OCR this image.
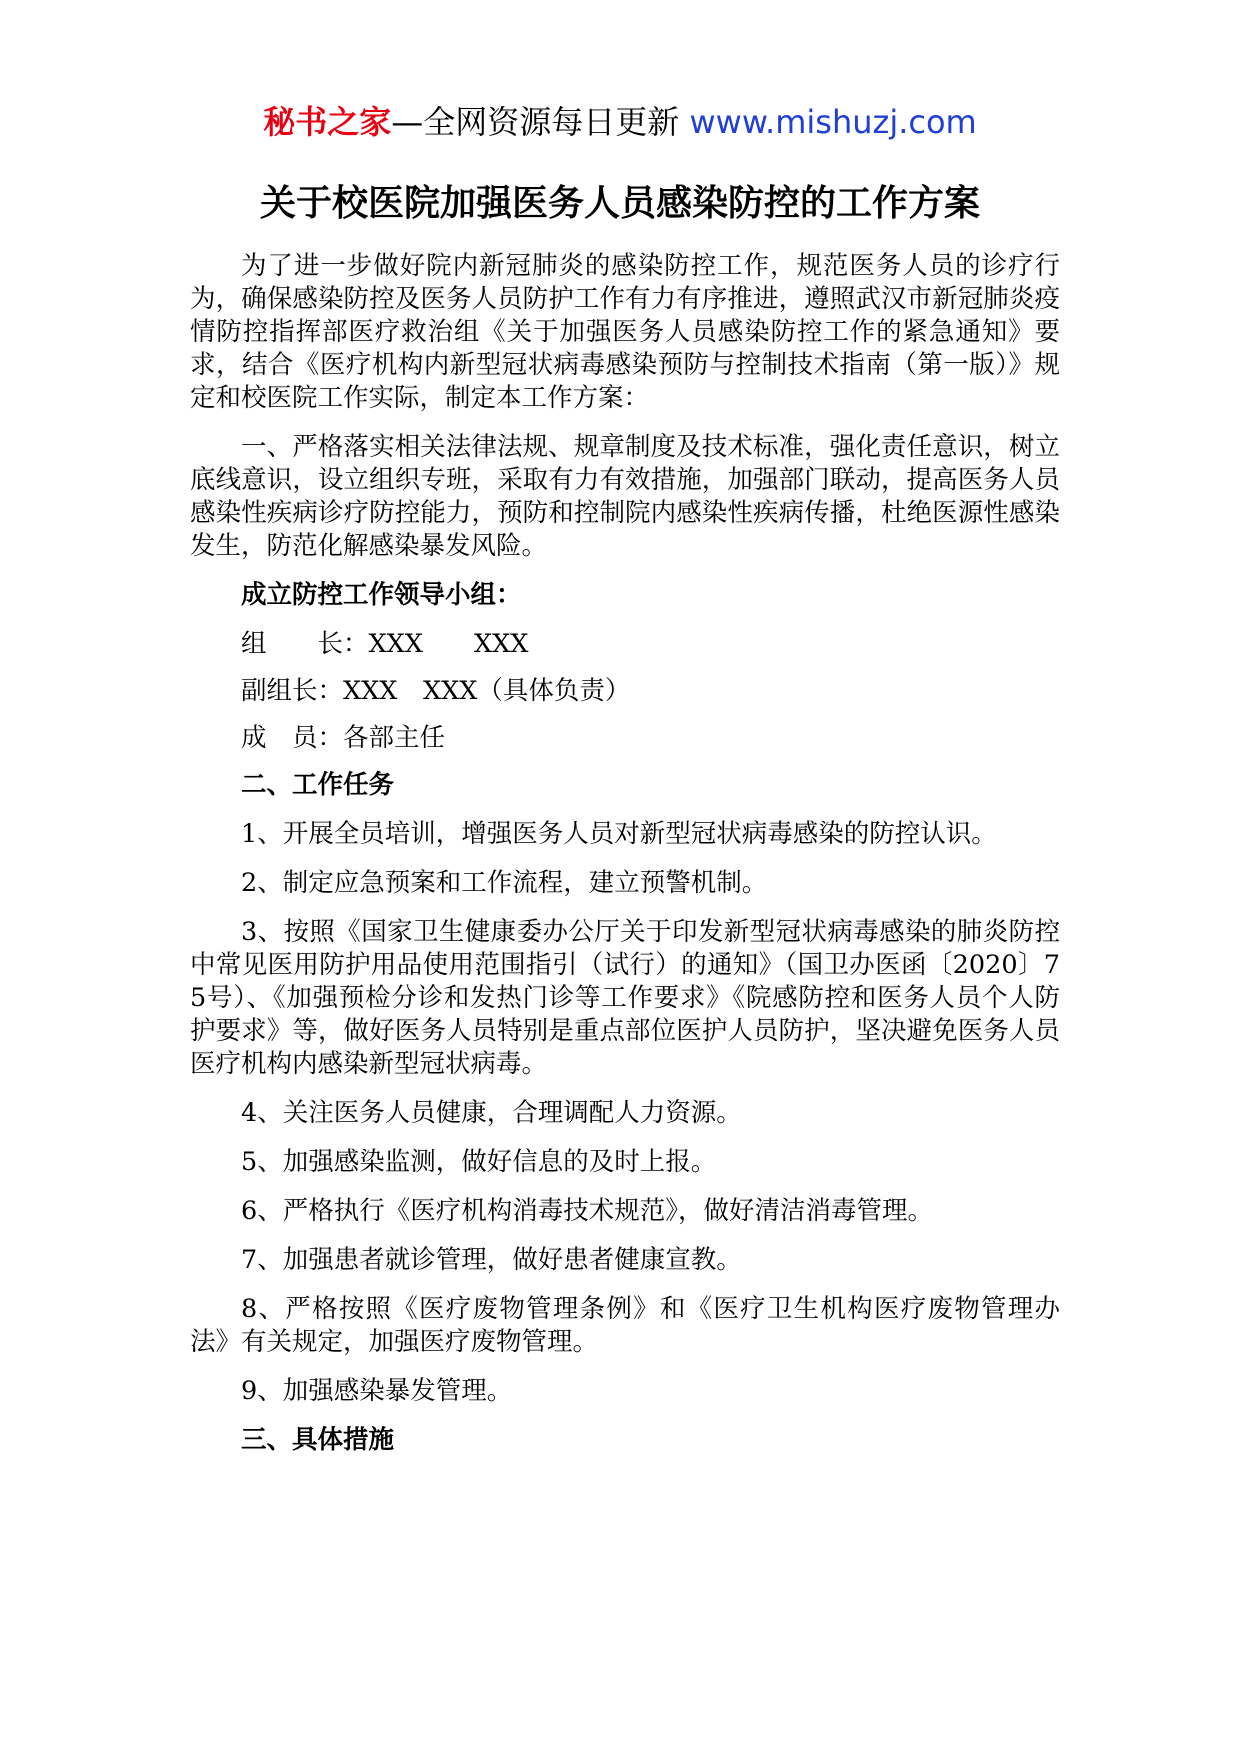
秘书之家—全网资源每日更新 www.mishuzj.com
关于校医院加强医务人员感染防控的工作方案

为了进一步做好院内新冠肺炎的感染防控工作，规范医务人员的诊疗行为，确保感染防控及医务人员防护工作有力有序推进，遵照武汉市新冠肺炎疫情防控指挥部医疗救治组《关于加强医务人员感染防控工作的紧急通知》要求，结合《医疗机构内新型冠状病毒感染预防与控制技术指南（第一版）》规定和校医院工作实际，制定本工作方案：

一、严格落实相关法律法规、规章制度及技术标准，强化责任意识，树立底线意识，设立组织专班，采取有力有效措施，加强部门联动，提高医务人员感染性疾病诊疗防控能力，预防和控制院内感染性疾病传播，杜绝医源性感染发生，防范化解感染暴发风险。

成立防控工作领导小组：

组　　长：XXX　　XXX

副组长：XXX　XXX（具体负责）

成　员：各部主任

二、工作任务

1、开展全员培训，增强医务人员对新型冠状病毒感染的防控认识。

2、制定应急预案和工作流程，建立预警机制。

3、按照《国家卫生健康委办公厅关于印发新型冠状病毒感染的肺炎防控中常见医用防护用品使用范围指引（试行）的通知》（国卫办医函〔2020〕75号）、《加强预检分诊和发热门诊等工作要求》《院感防控和医务人员个人防护要求》等，做好医务人员特别是重点部位医护人员防护，坚决避免医务人员医疗机构内感染新型冠状病毒。

4、关注医务人员健康，合理调配人力资源。

5、加强感染监测，做好信息的及时上报。

6、严格执行《医疗机构消毒技术规范》，做好清洁消毒管理。

7、加强患者就诊管理，做好患者健康宣教。

8、严格按照《医疗废物管理条例》和《医疗卫生机构医疗废物管理办法》有关规定，加强医疗废物管理。

9、加强感染暴发管理。

三、具体措施
